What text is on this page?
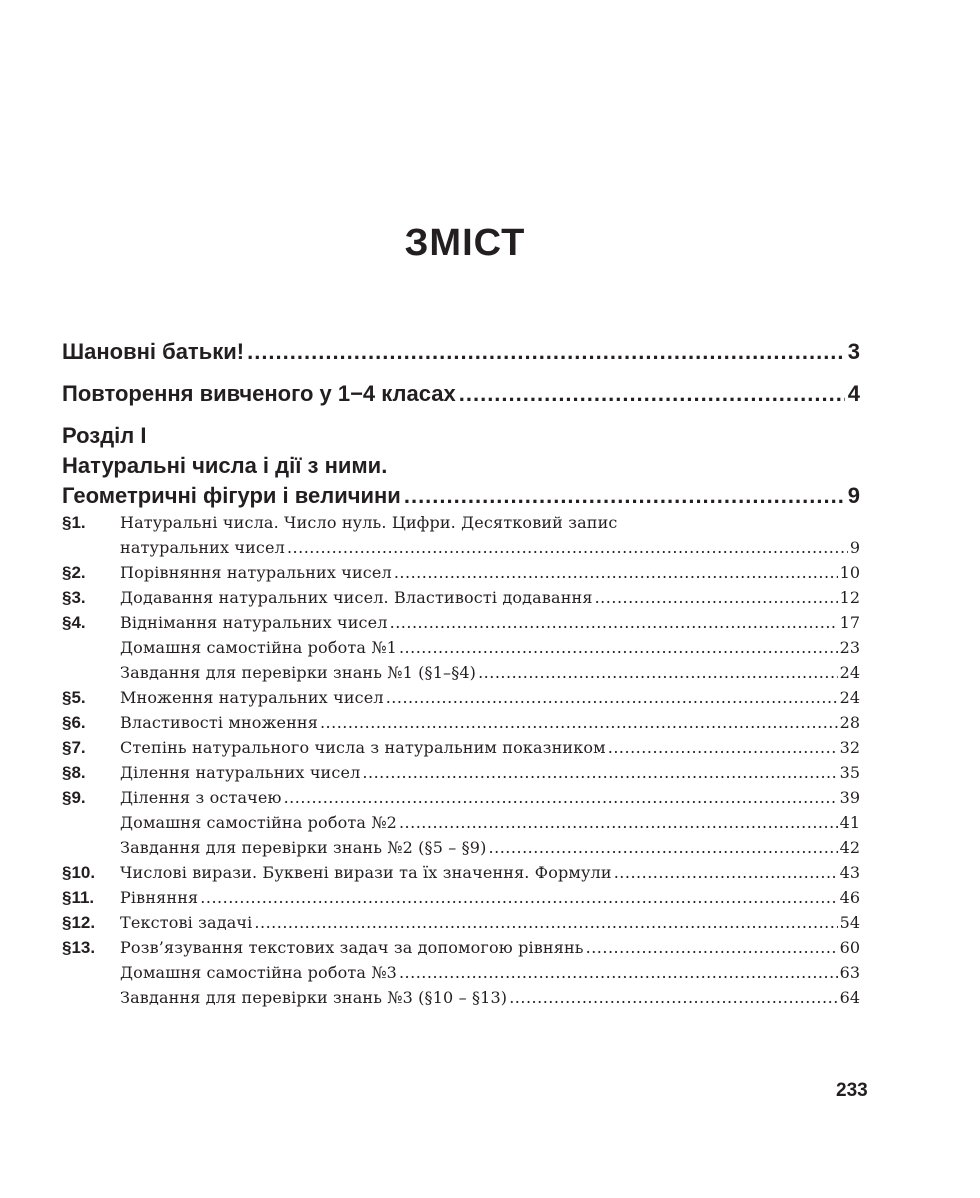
ЗМІСТ
Шановні батьки! .....	3
Повторення вивченого у 1−4 класах .....	4
Розділ І
Натуральні числа і дії з ними.
Геометричні фігури і величини .....	9
§1.	Натуральні числа. Число нуль. Цифри. Десятковий запис
натуральних чисел .....	9
§2.	Порівняння натуральних чисел .....	10
§3.	Додавання натуральних чисел. Властивості додавання .....	12
§4.	Віднімання натуральних чисел .....	17
Домашня самостійна робота №1 .....	23
Завдання для перевірки знань №1 (§1–§4) .....	24
§5.	Множення натуральних чисел .....	24
§6.	Властивості множення .....	28
§7.	Степінь натурального числа з натуральним показником .....	32
§8.	Ділення натуральних чисел .....	35
§9.	Ділення з остачею .....	39
Домашня самостійна робота №2 .....	41
Завдання для перевірки знань №2 (§5 – §9) .....	42
§10.	Числові вирази. Буквені вирази та їх значення. Формули .....	43
§11.	Рівняння .....	46
§12.	Текстові задачі .....	54
§13.	Розв’язування текстових задач за допомогою рівнянь .....	60
Домашня самостійна робота №3 .....	63
Завдання для перевірки знань №3 (§10 – §13) .....	64
233
